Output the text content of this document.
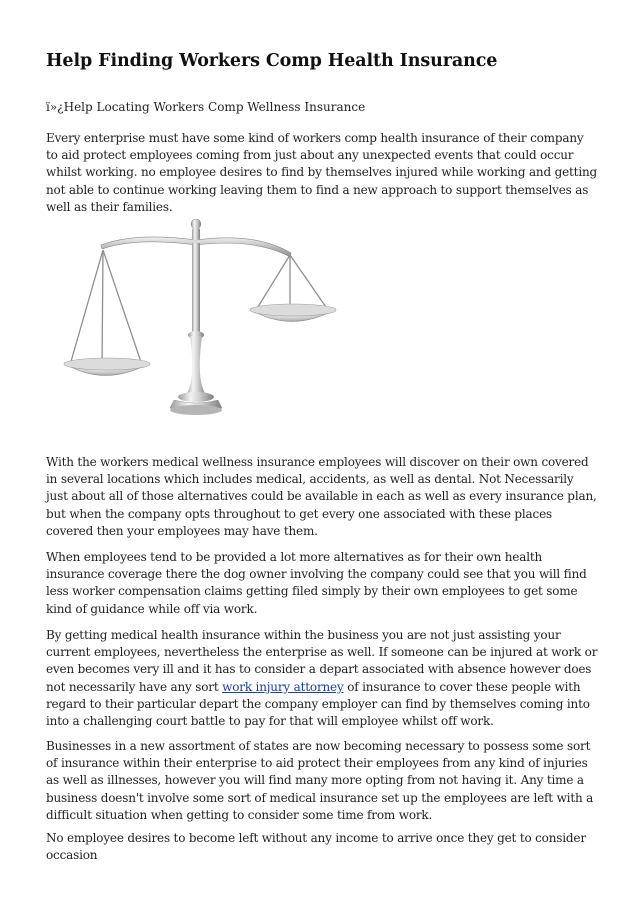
Help Finding Workers Comp Health Insurance
ï»¿Help Locating Workers Comp Wellness Insurance

Every enterprise must have some kind of workers comp health insurance of their company to aid protect employees coming from just about any unexpected events that could occur whilst working. no employee desires to find by themselves injured while working and getting not able to continue working leaving them to find a new approach to support themselves as well as their families.

With the workers medical wellness insurance employees will discover on their own covered in several locations which includes medical, accidents, as well as dental. Not Necessarily just about all of those alternatives could be available in each as well as every insurance plan, but when the company opts throughout to get every one associated with these places covered then your employees may have them.

When employees tend to be provided a lot more alternatives as for their own health insurance coverage there the dog owner involving the company could see that you will find less worker compensation claims getting filed simply by their own employees to get some kind of guidance while off via work.

By getting medical health insurance within the business you are not just assisting your current employees, nevertheless the enterprise as well. If someone can be injured at work or even becomes very ill and it has to consider a depart associated with absence however does not necessarily have any sort work injury attorney of insurance to cover these people with regard to their particular depart the company employer can find by themselves coming into into a challenging court battle to pay for that will employee whilst off work.

Businesses in a new assortment of states are now becoming necessary to possess some sort of insurance within their enterprise to aid protect their employees from any kind of injuries as well as illnesses, however you will find many more opting from not having it. Any time a business doesn't involve some sort of medical insurance set up the employees are left with a difficult situation when getting to consider some time from work.

No employee desires to become left without any income to arrive once they get to consider occasion
